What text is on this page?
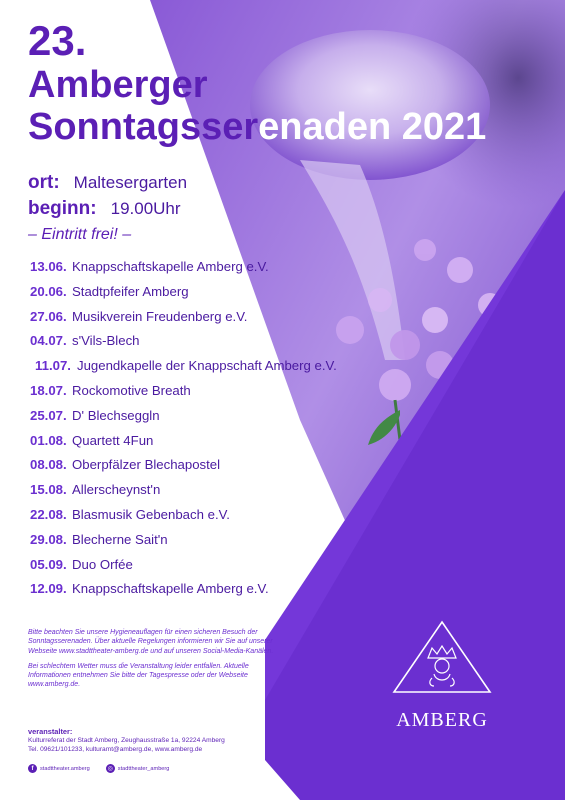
23.
Amberger
Sonntagsserenaden 2021
ort: Maltesergarten
beginn: 19.00Uhr
– Eintritt frei! –
13.06. Knappschaftskapelle Amberg e.V.
20.06. Stadtpfeifer Amberg
27.06. Musikverein Freudenberg e.V.
04.07. s'Vils-Blech
11.07. Jugendkapelle der Knappschaft Amberg e.V.
18.07. Rockomotive Breath
25.07. D' Blechseggln
01.08. Quartett 4Fun
08.08. Oberpfälzer Blechapostel
15.08. Allerscheynst'n
22.08. Blasmusik Gebenbach e.V.
29.08. Blecherne Sait'n
05.09. Duo Orfée
12.09. Knappschaftskapelle Amberg e.V.

Bitte beachten Sie unsere Hygieneauflagen für einen sicheren Besuch der Sonntagsserenaden. Über aktuelle Regelungen informieren wir Sie auf unserer Webseite www.stadttheater-amberg.de und auf unseren Social-Media-Kanälen.

Bei schlechtem Wetter muss die Veranstaltung leider entfallen. Aktuelle Informationen entnehmen Sie bitte der Tagespresse oder der Webseite www.amberg.de.

veranstalter:
Kulturreferat der Stadt Amberg, Zeughausstraße 1a, 92224 Amberg
Tel. 09621/101233, kulturamt@amberg.de, www.amberg.de
f	stadttheater.amberg	◎ stadttheater_amberg
AMBERG
